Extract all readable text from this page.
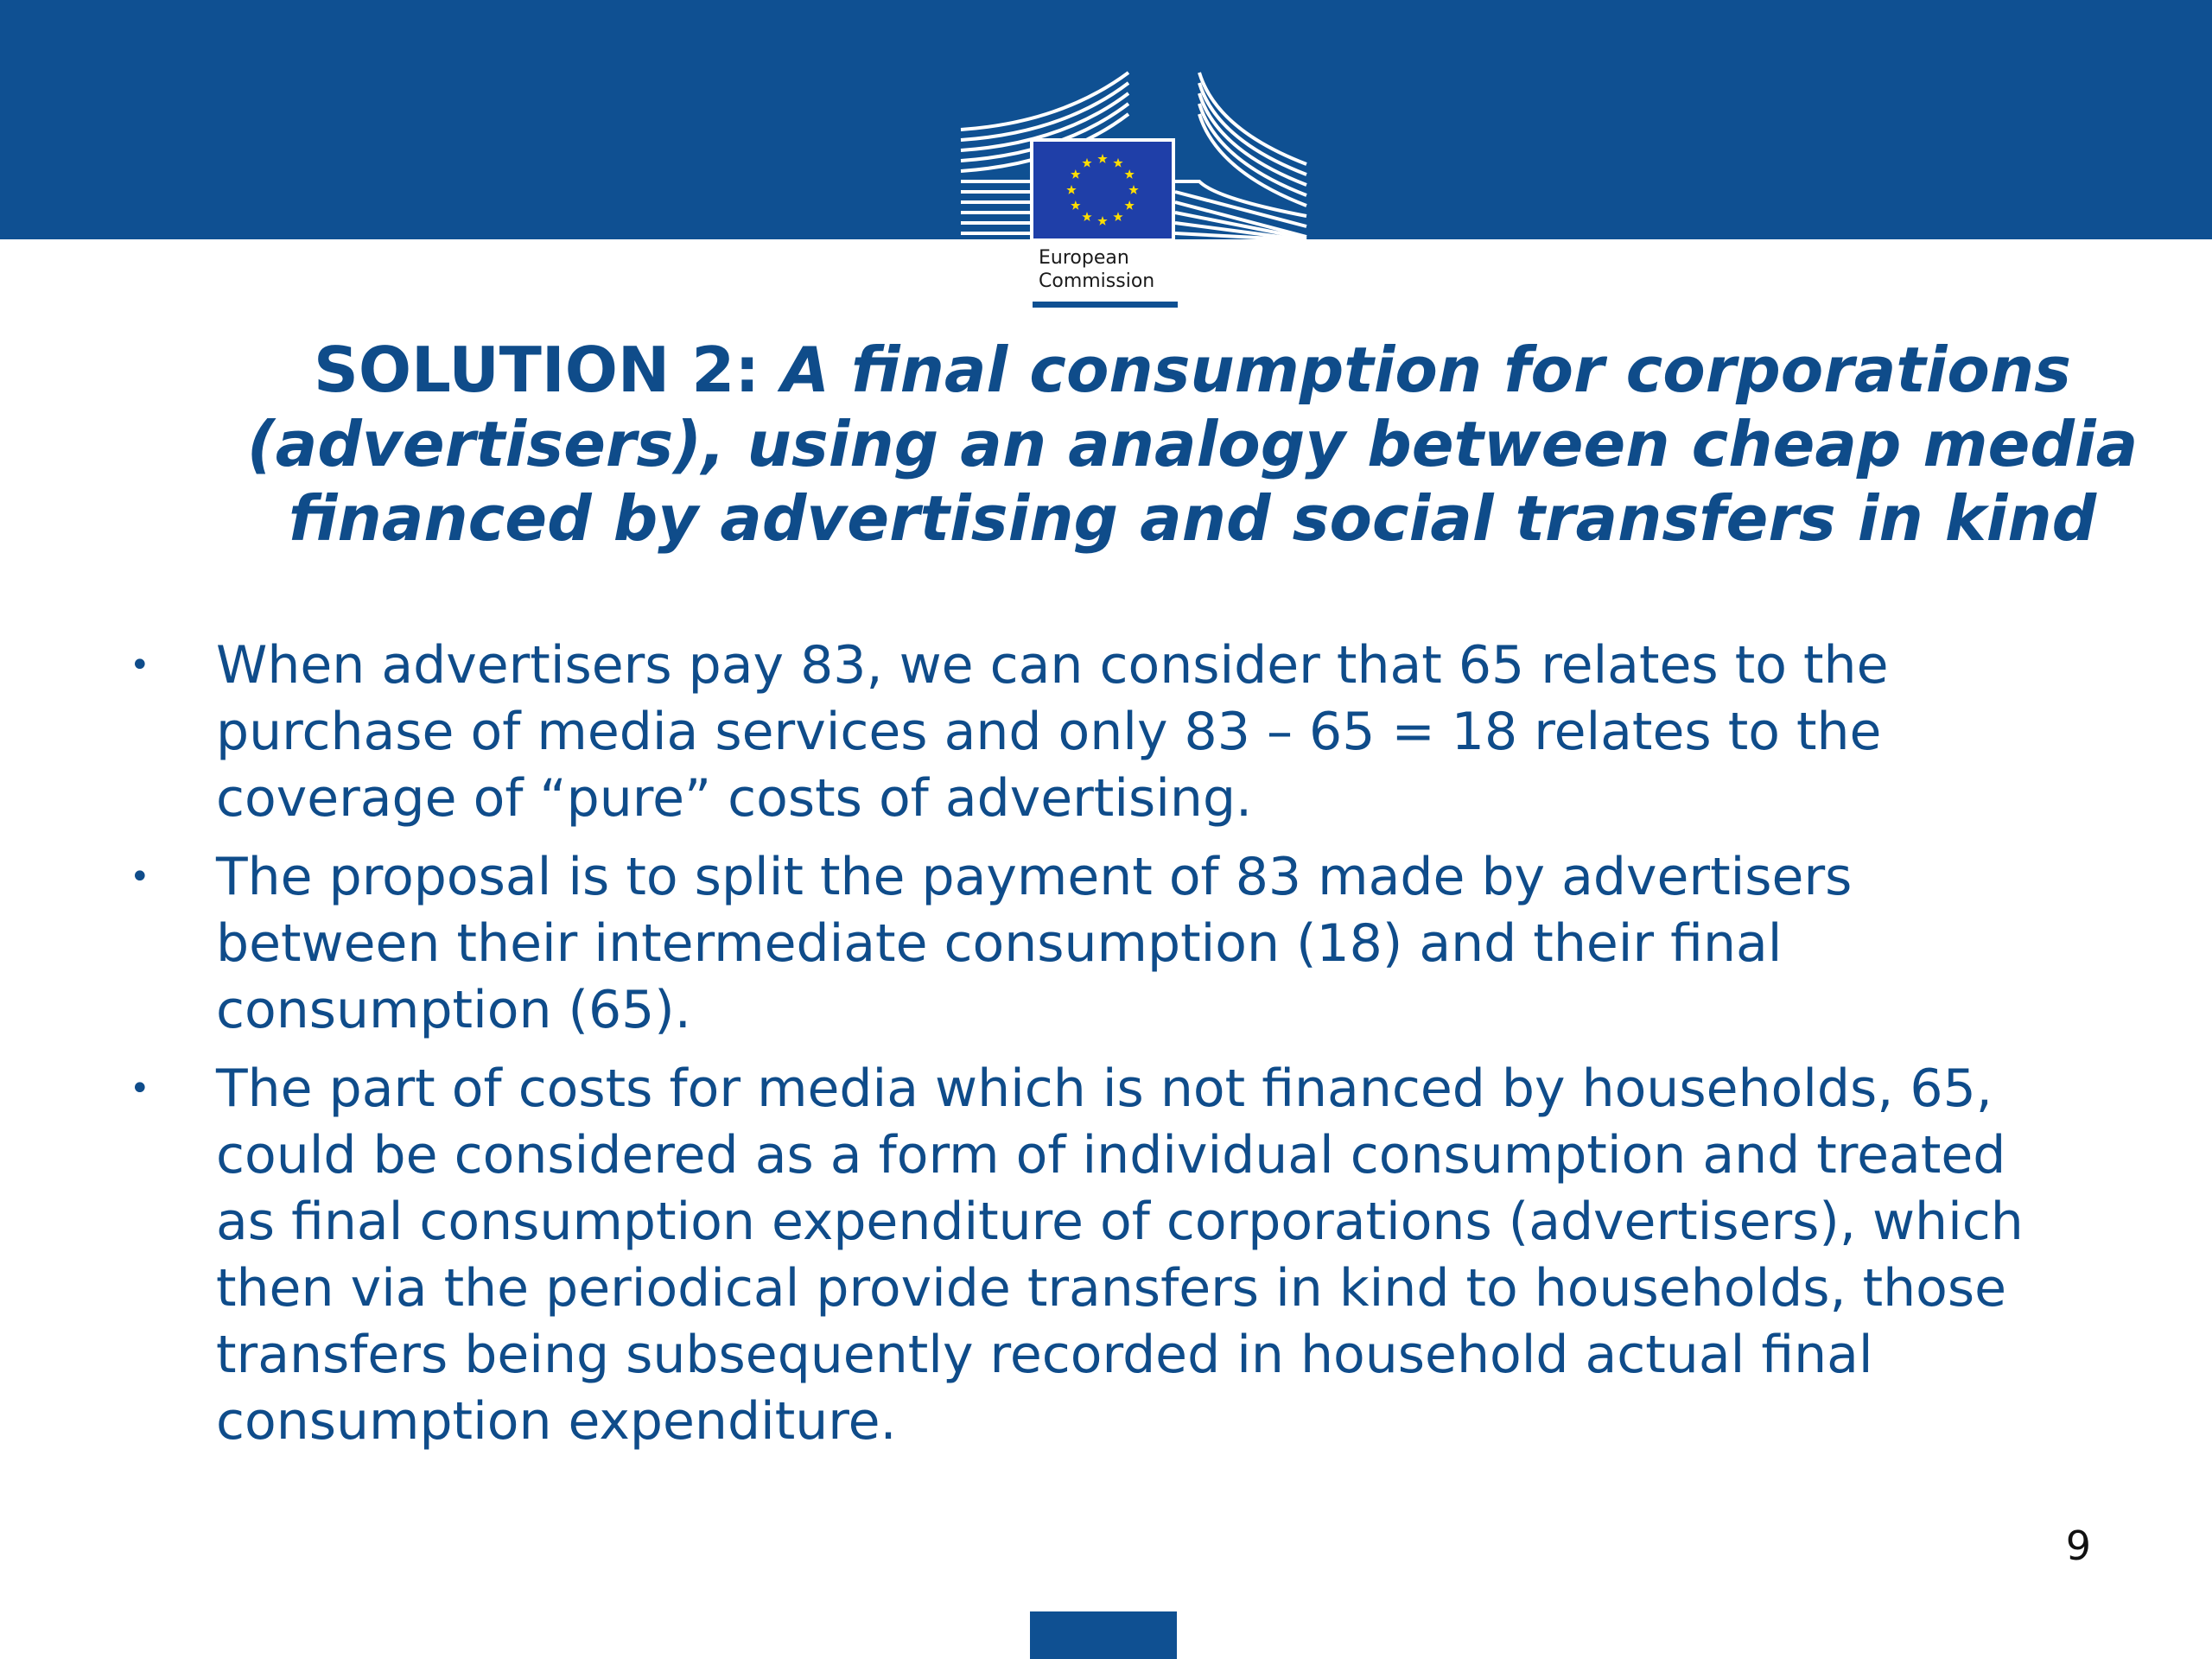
European
Commission
SOLUTION 2: A final consumption for corporations (advertisers), using an analogy between cheap media financed by advertising and social transfers in kind
• When advertisers pay 83, we can consider that 65 relates to the purchase of media services and only 83 – 65 = 18 relates to the coverage of “pure” costs of advertising.
• The proposal is to split the payment of 83 made by advertisers between their intermediate consumption (18) and their final consumption (65).
• The part of costs for media which is not financed by households, 65, could be considered as a form of individual consumption and treated as final consumption expenditure of corporations (advertisers), which then via the periodical provide transfers in kind to households, those transfers being subsequently recorded in household actual final consumption expenditure.
9
